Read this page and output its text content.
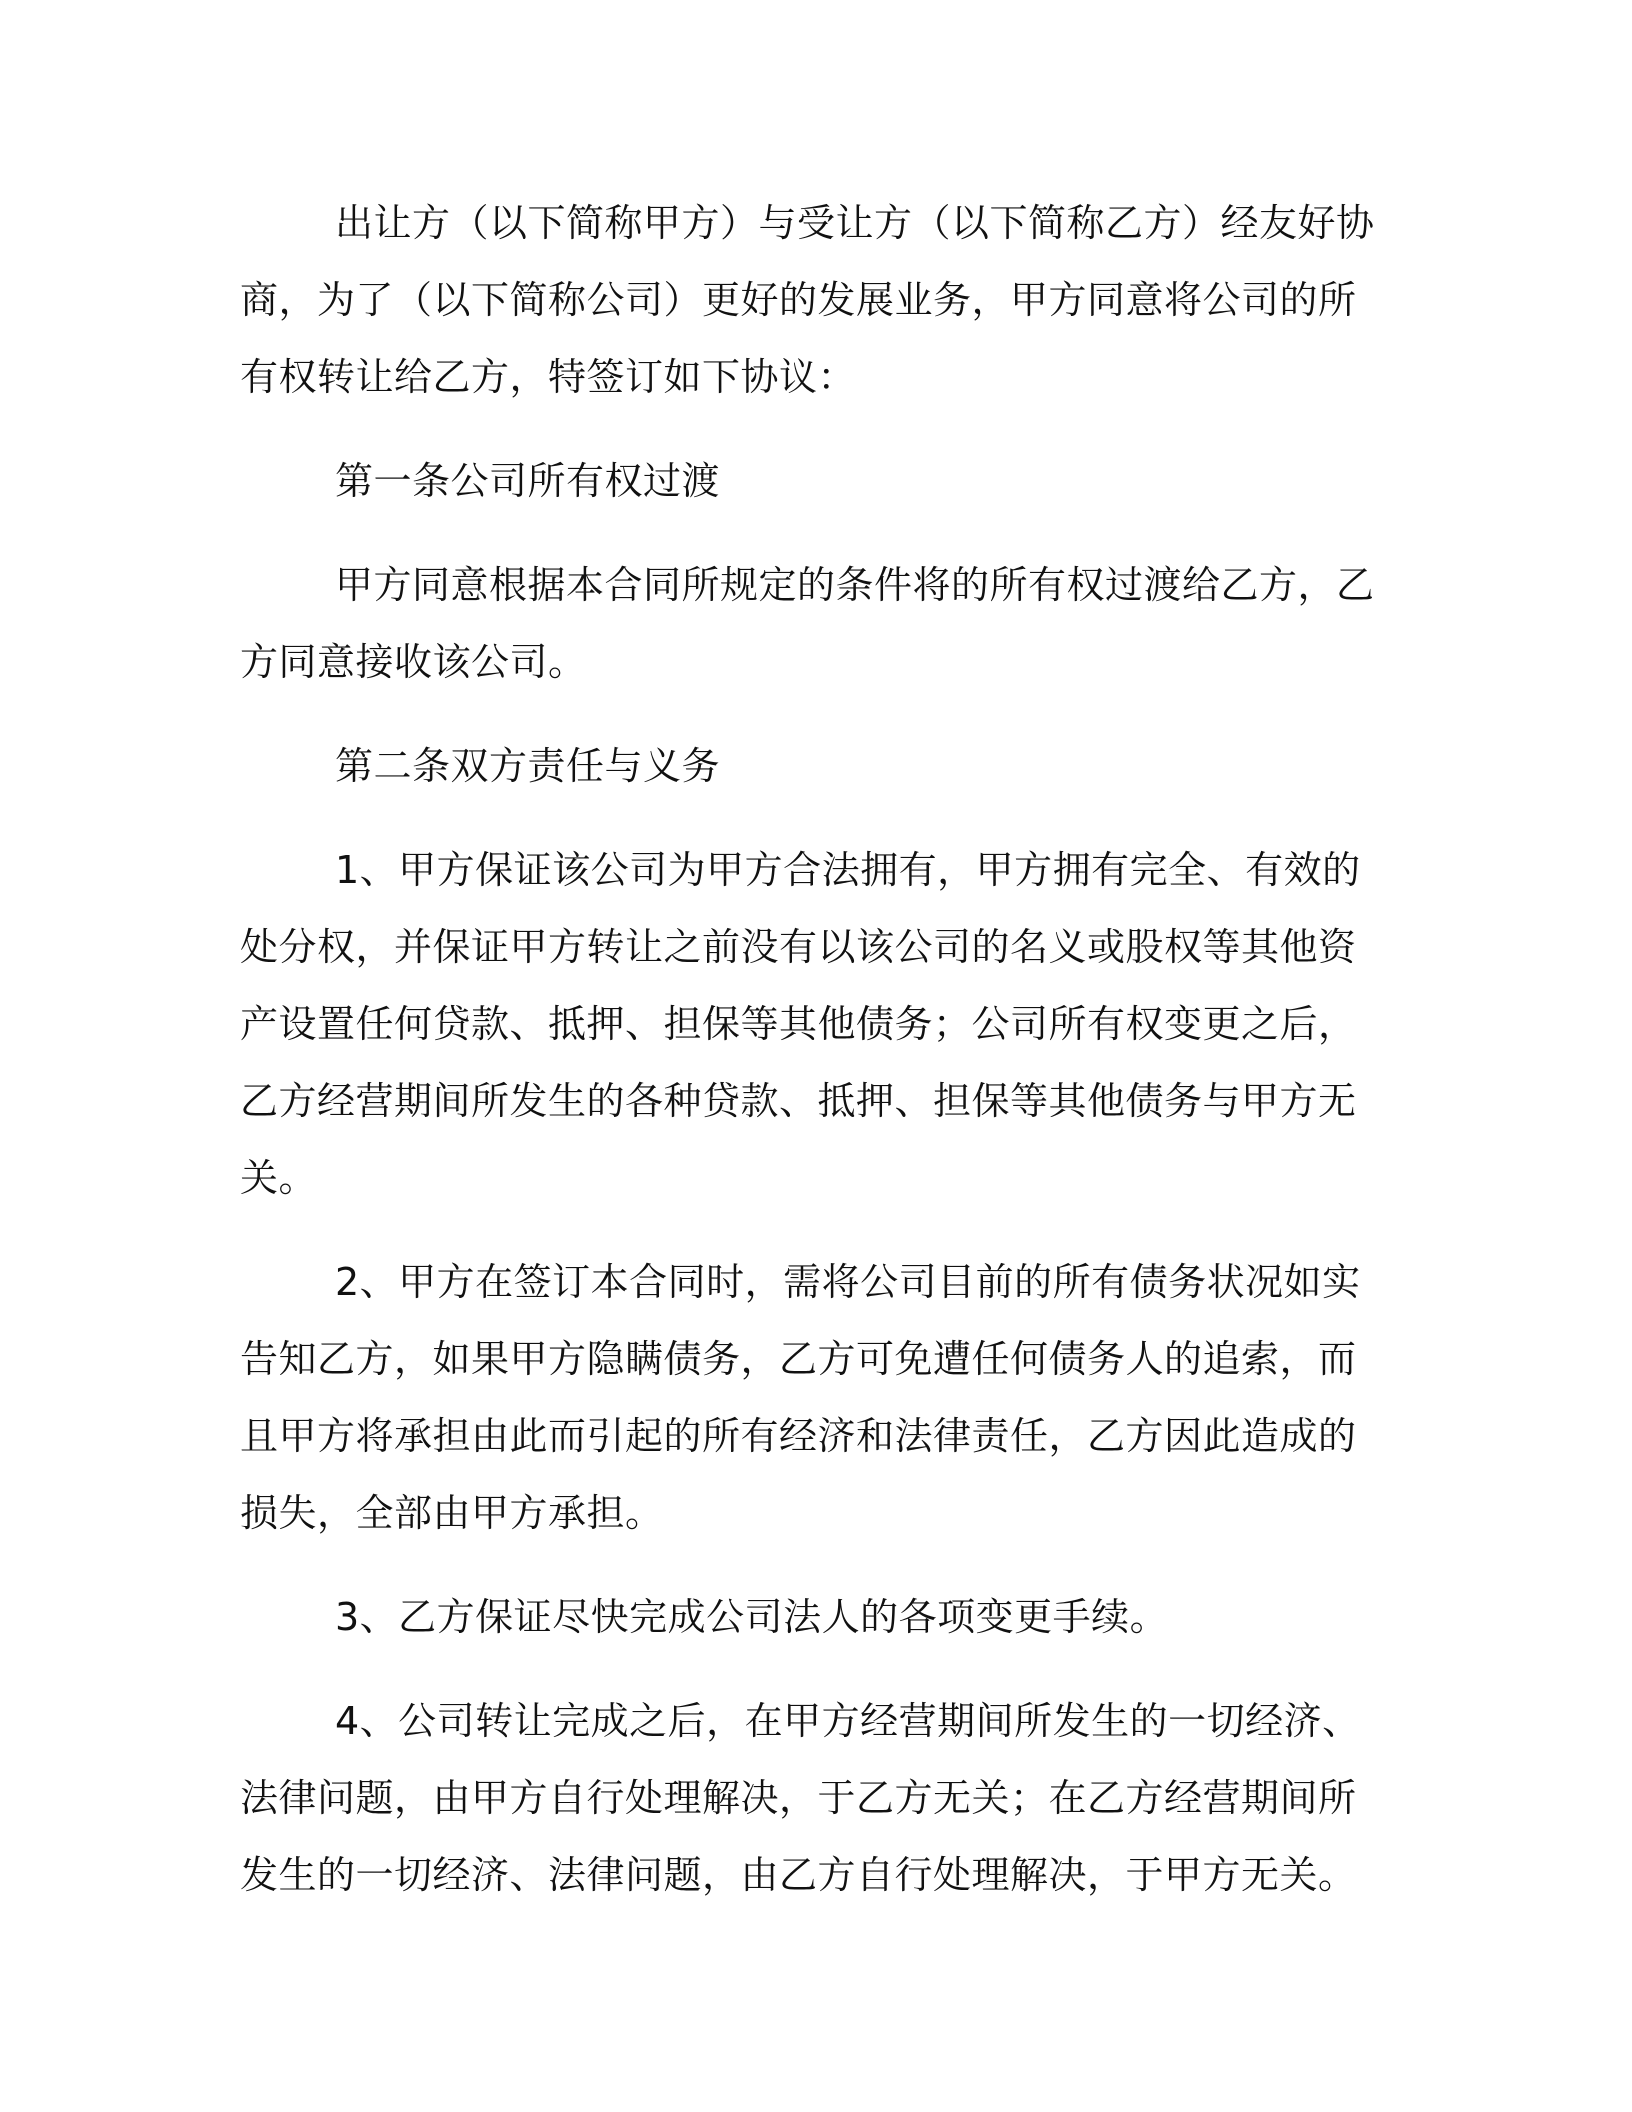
出让方（以下简称甲方）与受让方（以下简称乙方）经友好协商，为了（以下简称公司）更好的发展业务，甲方同意将公司的所有权转让给乙方，特签订如下协议：

第一条公司所有权过渡

甲方同意根据本合同所规定的条件将的所有权过渡给乙方，乙方同意接收该公司。

第二条双方责任与义务

1、甲方保证该公司为甲方合法拥有，甲方拥有完全、有效的处分权，并保证甲方转让之前没有以该公司的名义或股权等其他资产设置任何贷款、抵押、担保等其他债务；公司所有权变更之后，乙方经营期间所发生的各种贷款、抵押、担保等其他债务与甲方无关。

2、甲方在签订本合同时，需将公司目前的所有债务状况如实告知乙方，如果甲方隐瞒债务，乙方可免遭任何债务人的追索，而且甲方将承担由此而引起的所有经济和法律责任，乙方因此造成的损失，全部由甲方承担。

3、乙方保证尽快完成公司法人的各项变更手续。

4、公司转让完成之后，在甲方经营期间所发生的一切经济、法律问题，由甲方自行处理解决，于乙方无关；在乙方经营期间所发生的一切经济、法律问题，由乙方自行处理解决，于甲方无关。
